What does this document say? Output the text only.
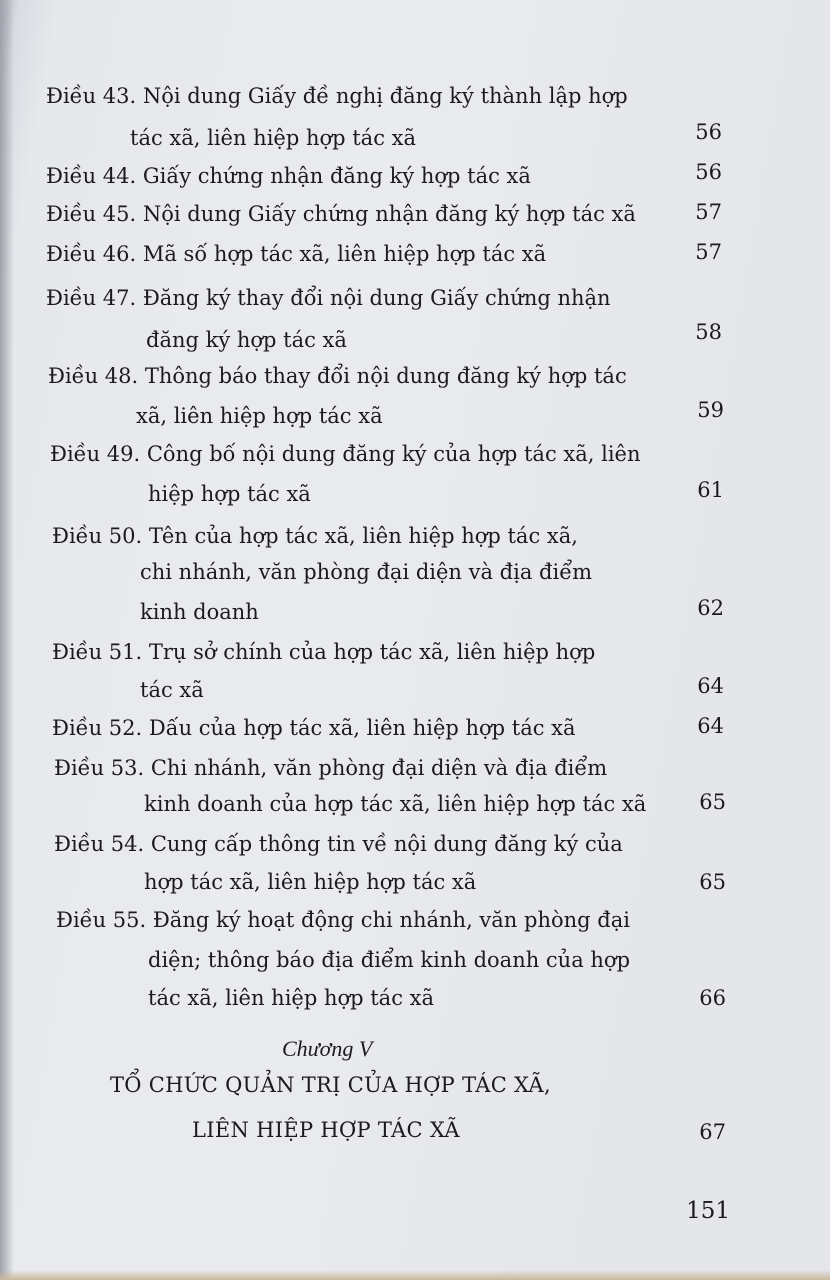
Điều 43. Nội dung Giấy đề nghị đăng ký thành lập hợp
tác xã, liên hiệp hợp tác xã	56
Điều 44. Giấy chứng nhận đăng ký hợp tác xã	56
Điều 45. Nội dung Giấy chứng nhận đăng ký hợp tác xã	57
Điều 46. Mã số hợp tác xã, liên hiệp hợp tác xã	57
Điều 47. Đăng ký thay đổi nội dung Giấy chứng nhận
đăng ký hợp tác xã	58
Điều 48. Thông báo thay đổi nội dung đăng ký hợp tác
xã, liên hiệp hợp tác xã	59
Điều 49. Công bố nội dung đăng ký của hợp tác xã, liên
hiệp hợp tác xã	61
Điều 50. Tên của hợp tác xã, liên hiệp hợp tác xã,
chi nhánh, văn phòng đại diện và địa điểm
kinh doanh	62
Điều 51. Trụ sở chính của hợp tác xã, liên hiệp hợp
tác xã	64
Điều 52. Dấu của hợp tác xã, liên hiệp hợp tác xã	64
Điều 53. Chi nhánh, văn phòng đại diện và địa điểm
kinh doanh của hợp tác xã, liên hiệp hợp tác xã	65
Điều 54. Cung cấp thông tin về nội dung đăng ký của
hợp tác xã, liên hiệp hợp tác xã	65
Điều 55. Đăng ký hoạt động chi nhánh, văn phòng đại
diện; thông báo địa điểm kinh doanh của hợp
tác xã, liên hiệp hợp tác xã	66
Chương V
TỔ CHỨC QUẢN TRỊ CỦA HỢP TÁC XÃ,
LIÊN HIỆP HỢP TÁC XÃ	67
151
